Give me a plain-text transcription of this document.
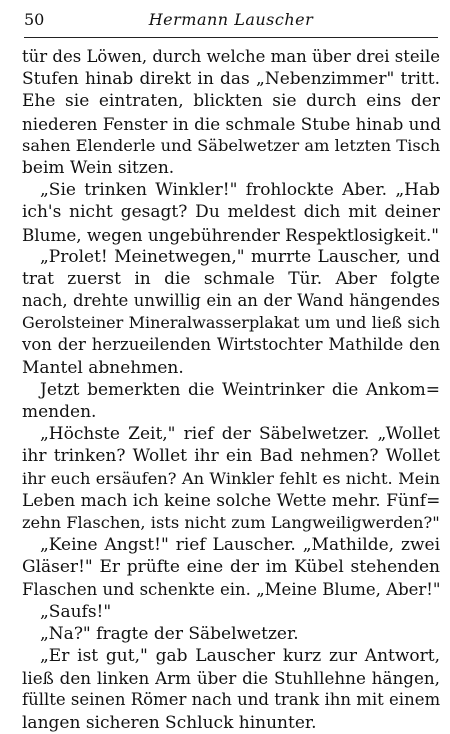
50	Hermann Lauscher
tür des Löwen, durch welche man über drei steile
Stufen hinab direkt in das „Nebenzimmer" tritt.
Ehe sie eintraten, blickten sie durch eins der
niederen Fenster in die schmale Stube hinab und
sahen Elenderle und Säbelwetzer am letzten Tisch
beim Wein sitzen.
„Sie trinken Winkler!" frohlockte Aber. „Hab
ich's nicht gesagt? Du meldest dich mit deiner
Blume, wegen ungebührender Respektlosigkeit."
„Prolet! Meinetwegen," murrte Lauscher, und
trat zuerst in die schmale Tür. Aber folgte
nach, drehte unwillig ein an der Wand hängendes
Gerolsteiner Mineralwasserplakat um und ließ sich
von der herzueilenden Wirtstochter Mathilde den
Mantel abnehmen.
Jetzt bemerkten die Weintrinker die Ankom=
menden.
„Höchste Zeit," rief der Säbelwetzer. „Wollet
ihr trinken? Wollet ihr ein Bad nehmen? Wollet
ihr euch ersäufen? An Winkler fehlt es nicht. Mein
Leben mach ich keine solche Wette mehr. Fünf=
zehn Flaschen, ists nicht zum Langweiligwerden?"
„Keine Angst!" rief Lauscher. „Mathilde, zwei
Gläser!" Er prüfte eine der im Kübel stehenden
Flaschen und schenkte ein. „Meine Blume, Aber!"
„Saufs!"
„Na?" fragte der Säbelwetzer.
„Er ist gut," gab Lauscher kurz zur Antwort,
ließ den linken Arm über die Stuhllehne hängen,
füllte seinen Römer nach und trank ihn mit einem
langen sicheren Schluck hinunter.
